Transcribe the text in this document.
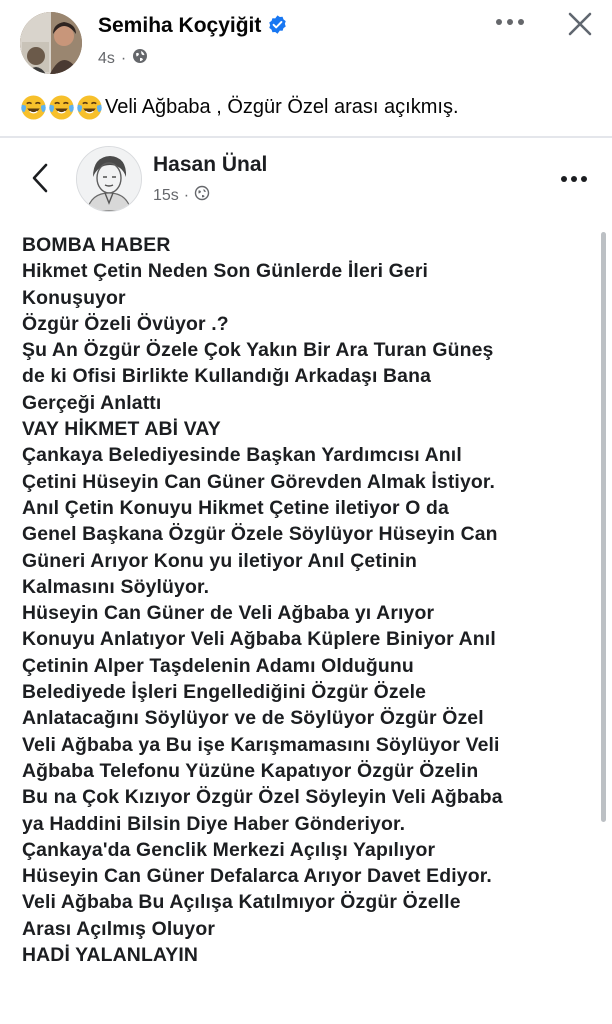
Semiha Koçyiğit
4s ·
Veli Ağbaba , Özgür Özel arası açıkmış.
Hasan Ünal
15s ·
BOMBA HABER
Hikmet Çetin Neden Son Günlerde İleri Geri
Konuşuyor
Özgür Özeli Övüyor .?
Şu An Özgür Özele Çok Yakın Bir Ara Turan Güneş
de ki Ofisi Birlikte Kullandığı Arkadaşı Bana
Gerçeği Anlattı
VAY HİKMET ABİ VAY
Çankaya Belediyesinde Başkan Yardımcısı Anıl
Çetini Hüseyin Can Güner Görevden Almak İstiyor.
Anıl Çetin Konuyu Hikmet Çetine iletiyor O da
Genel Başkana Özgür Özele Söylüyor Hüseyin Can
Güneri Arıyor Konu yu iletiyor Anıl Çetinin
Kalmasını Söylüyor.
Hüseyin Can Güner de Veli Ağbaba yı Arıyor
Konuyu Anlatıyor Veli Ağbaba Küplere Biniyor Anıl
Çetinin Alper Taşdelenin Adamı Olduğunu
Belediyede İşleri Engellediğini Özgür Özele
Anlatacağını Söylüyor ve de Söylüyor Özgür Özel
Veli Ağbaba ya Bu işe Karışmamasını Söylüyor Veli
Ağbaba Telefonu Yüzüne Kapatıyor Özgür Özelin
Bu na Çok Kızıyor Özgür Özel Söyleyin Veli Ağbaba
ya Haddini Bilsin Diye Haber Gönderiyor.
Çankaya'da Genclik Merkezi Açılışı Yapılıyor
Hüseyin Can Güner Defalarca Arıyor Davet Ediyor.
Veli Ağbaba Bu Açılışa Katılmıyor Özgür Özelle
Arası Açılmış Oluyor
HADİ YALANLAYIN
